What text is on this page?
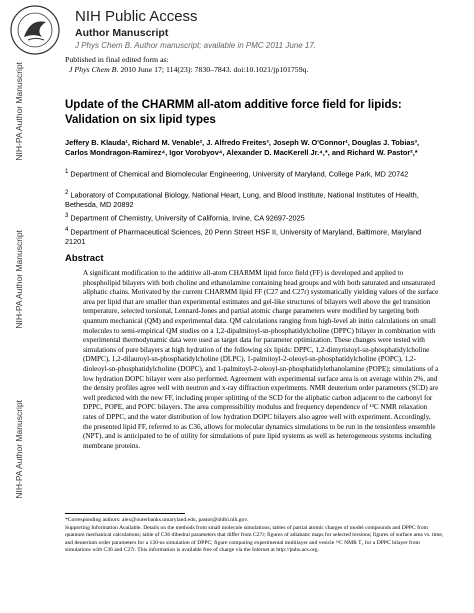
NIH-PA Author Manuscript
NIH-PA Author Manuscript
NIH-PA Author Manuscript
NIH Public Access
Author Manuscript
J Phys Chem B. Author manuscript; available in PMC 2011 June 17.
Published in final edited form as:
J Phys Chem B. 2010 June 17; 114(23): 7830–7843. doi:10.1021/jp101759q.
Update of the CHARMM all-atom additive force field for lipids: Validation on six lipid types
Jeffery B. Klauda¹, Richard M. Venable², J. Alfredo Freites³, Joseph W. O'Connor¹, Douglas J. Tobias³, Carlos Mondragon-Ramirez⁴, Igor Vorobyov⁴, Alexander D. MacKerell Jr.⁴,*, and Richard W. Pastor²,*
$^1$ Department of Chemical and Biomolecular Engineering, University of Maryland, College Park, MD 20742
$^2$ Laboratory of Computational Biology, National Heart, Lung, and Blood Institute, National Institutes of Health, Bethesda, MD 20892
$^3$ Department of Chemistry, University of California, Irvine, CA 92697-2025
$^4$ Department of Pharmaceutical Sciences, 20 Penn Street HSF II, University of Maryland, Baltimore, Maryland 21201
Abstract
A significant modification to the additive all-atom CHARMM lipid force field (FF) is developed and applied to phospholipid bilayers with both choline and ethanolamine containing head groups and with both saturated and unsaturated aliphatic chains. Motivated by the current CHARMM lipid FF (C27 and C27r) systematically yielding values of the surface area per lipid that are smaller than experimental estimates and gel-like structures of bilayers well above the gel transition temperature, selected torsional, Lennard-Jones and partial atomic charge parameters were modified by targeting both quantum mechanical (QM) and experimental data. QM calculations ranging from high-level ab initio calculations on small molecules to semi-empirical QM studies on a 1,2-dipalmitoyl-sn-phosphatidylcholine (DPPC) bilayer in combination with experimental thermodynamic data were used as target data for parameter optimization. These changes were tested with simulations of pure bilayers at high hydration of the following six lipids: DPPC, 1,2-dimyristoyl-sn-phosphatidylcholine (DMPC), 1,2-dilauroyl-sn-phosphatidylcholine (DLPC), 1-palmitoyl-2-oleoyl-sn-phosphatidylcholine (POPC), 1,2-dioleoyl-sn-phosphatidylcholine (DOPC), and 1-palmitoyl-2-oleoyl-sn-phosphatidylethanolamine (POPE); simulations of a low hydration DOPC bilayer were also performed. Agreement with experimental surface area is on average within 2%, and the density profiles agree well with neutron and x-ray diffraction experiments. NMR deuterium order parameters (SCD) are well predicted with the new FF, including proper splitting of the SCD for the aliphatic carbon adjacent to the carbonyl for DPPC, POPE, and POPC bilayers. The area compressibility modulus and frequency dependence of ¹³C NMR relaxation rates of DPPC, and the water distribution of low hydration DOPC bilayers also agree well with experiment. Accordingly, the presented lipid FF, referred to as C36, allows for molecular dynamics simulations to be run in the tensionless ensemble (NPT), and is anticipated to be of utility for simulations of pure lipid systems as well as heterogeneous systems including membrane proteins.
*Corresponding authors: alex@outerbanks.umaryland.edu, pastor@nhlbi.nih.gov.
Supporting Information Available. Details on the methods from small molecule simulations; tables of partial atomic charges of model compounds and DPPC from quantum mechanical calculations; table of C36 dihedral parameters that differ from C27r; figures of adiabatic maps for selected torsions; figures of surface area vs. time, and deuterium order parameters for a 130-ns simulation of DPPC; figure comparing experimental multilayer and vesicle ¹³C NMR T₁ for a DPPC bilayer from simulations with C36 and C27r. This information is available free of charge via the Internet at http://pubs.acs.org.
